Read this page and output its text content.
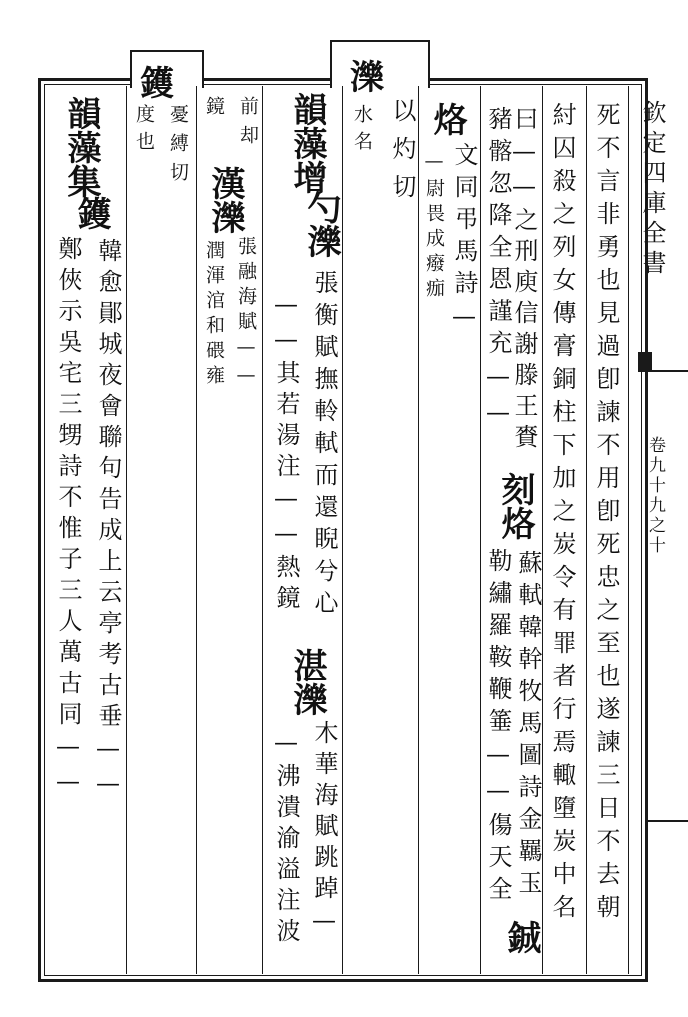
鑊	濼
欽定四庫全書
卷九十九之十
死不言非勇也見過卽諫不用卽死忠之至也遂諫三日不去朝
紂囚殺之列女傳膏銅柱下加之炭令有罪者行焉輙墮炭中名
曰——之刑庾信謝滕王賚
刻烙
蘇軾韓幹牧馬圖詩金羈玉
豬髂忽降全恩謹充——
勒繡羅鞍鞭箠——傷天全
鋮
烙
文同弔馬詩—
—尉畏成癈痂
以灼切
水名
韻藻增
勺濼
張衡賦撫軨軾而還睨兮心
——其若湯注——熱鏡
湛濼
木華海賦跳踔—
—沸潰渝溢注波
前却
鏡
漢濼
張融海賦——
潤渾涫和碨雍
憂縛切
度也
韻藻集
鑊
韓愈鄖城夜會聯句告成上云亭考古垂——
鄭俠示吳宅三甥詩不惟子三人萬古同——
